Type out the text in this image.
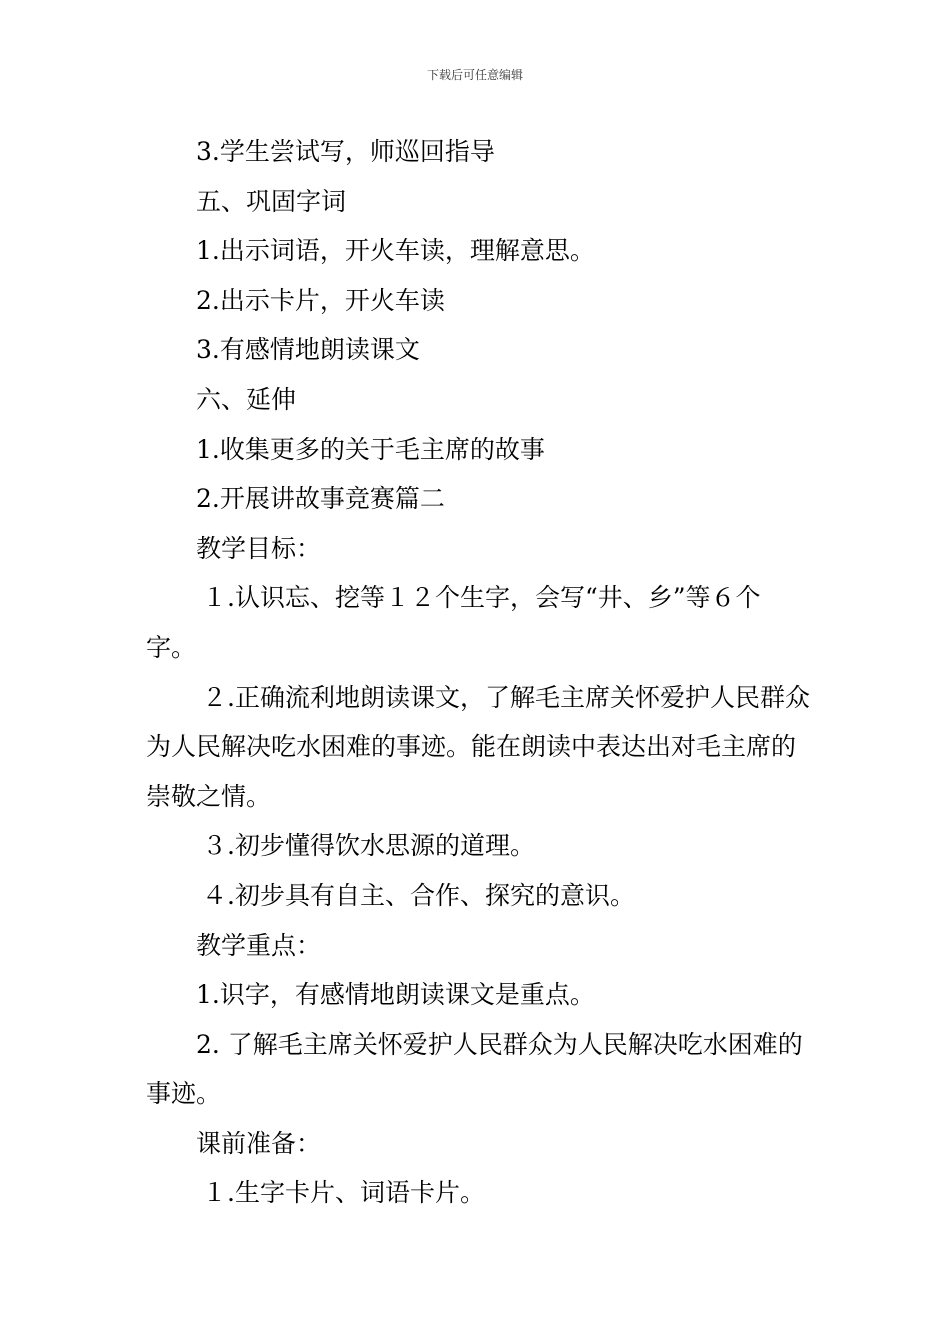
下载后可任意编辑

3.学生尝试写，师巡回指导

五、巩固字词

1.出示词语，开火车读，理解意思。

2.出示卡片，开火车读

3.有感情地朗读课文

六、延伸

1.收集更多的关于毛主席的故事

2.开展讲故事竞赛篇二

教学目标：

１.认识忘、挖等１２个生字，会写“井、乡”等６个字。

２.正确流利地朗读课文，了解毛主席关怀爱护人民群众为人民解决吃水困难的事迹。能在朗读中表达出对毛主席的崇敬之情。

３.初步懂得饮水思源的道理。

４.初步具有自主、合作、探究的意识。

教学重点：

1.识字，有感情地朗读课文是重点。

2. 了解毛主席关怀爱护人民群众为人民解决吃水困难的事迹。

课前准备：

１.生字卡片、词语卡片。
